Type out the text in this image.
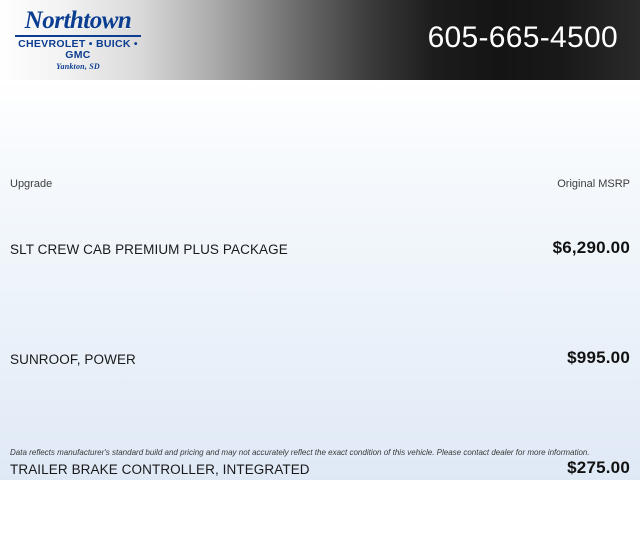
Northtown
CHEVROLET • BUICK • GMC
Yankton, SD
605-665-4500
Upgrade	Original MSRP
SLT CREW CAB PREMIUM PLUS PACKAGE	$6,290.00
SUNROOF, POWER	$995.00
TRAILER BRAKE CONTROLLER, INTEGRATED	$275.00
Data reflects manufacturer's standard build and pricing and may not accurately reflect the exact condition of this vehicle. Please contact dealer for more information.
